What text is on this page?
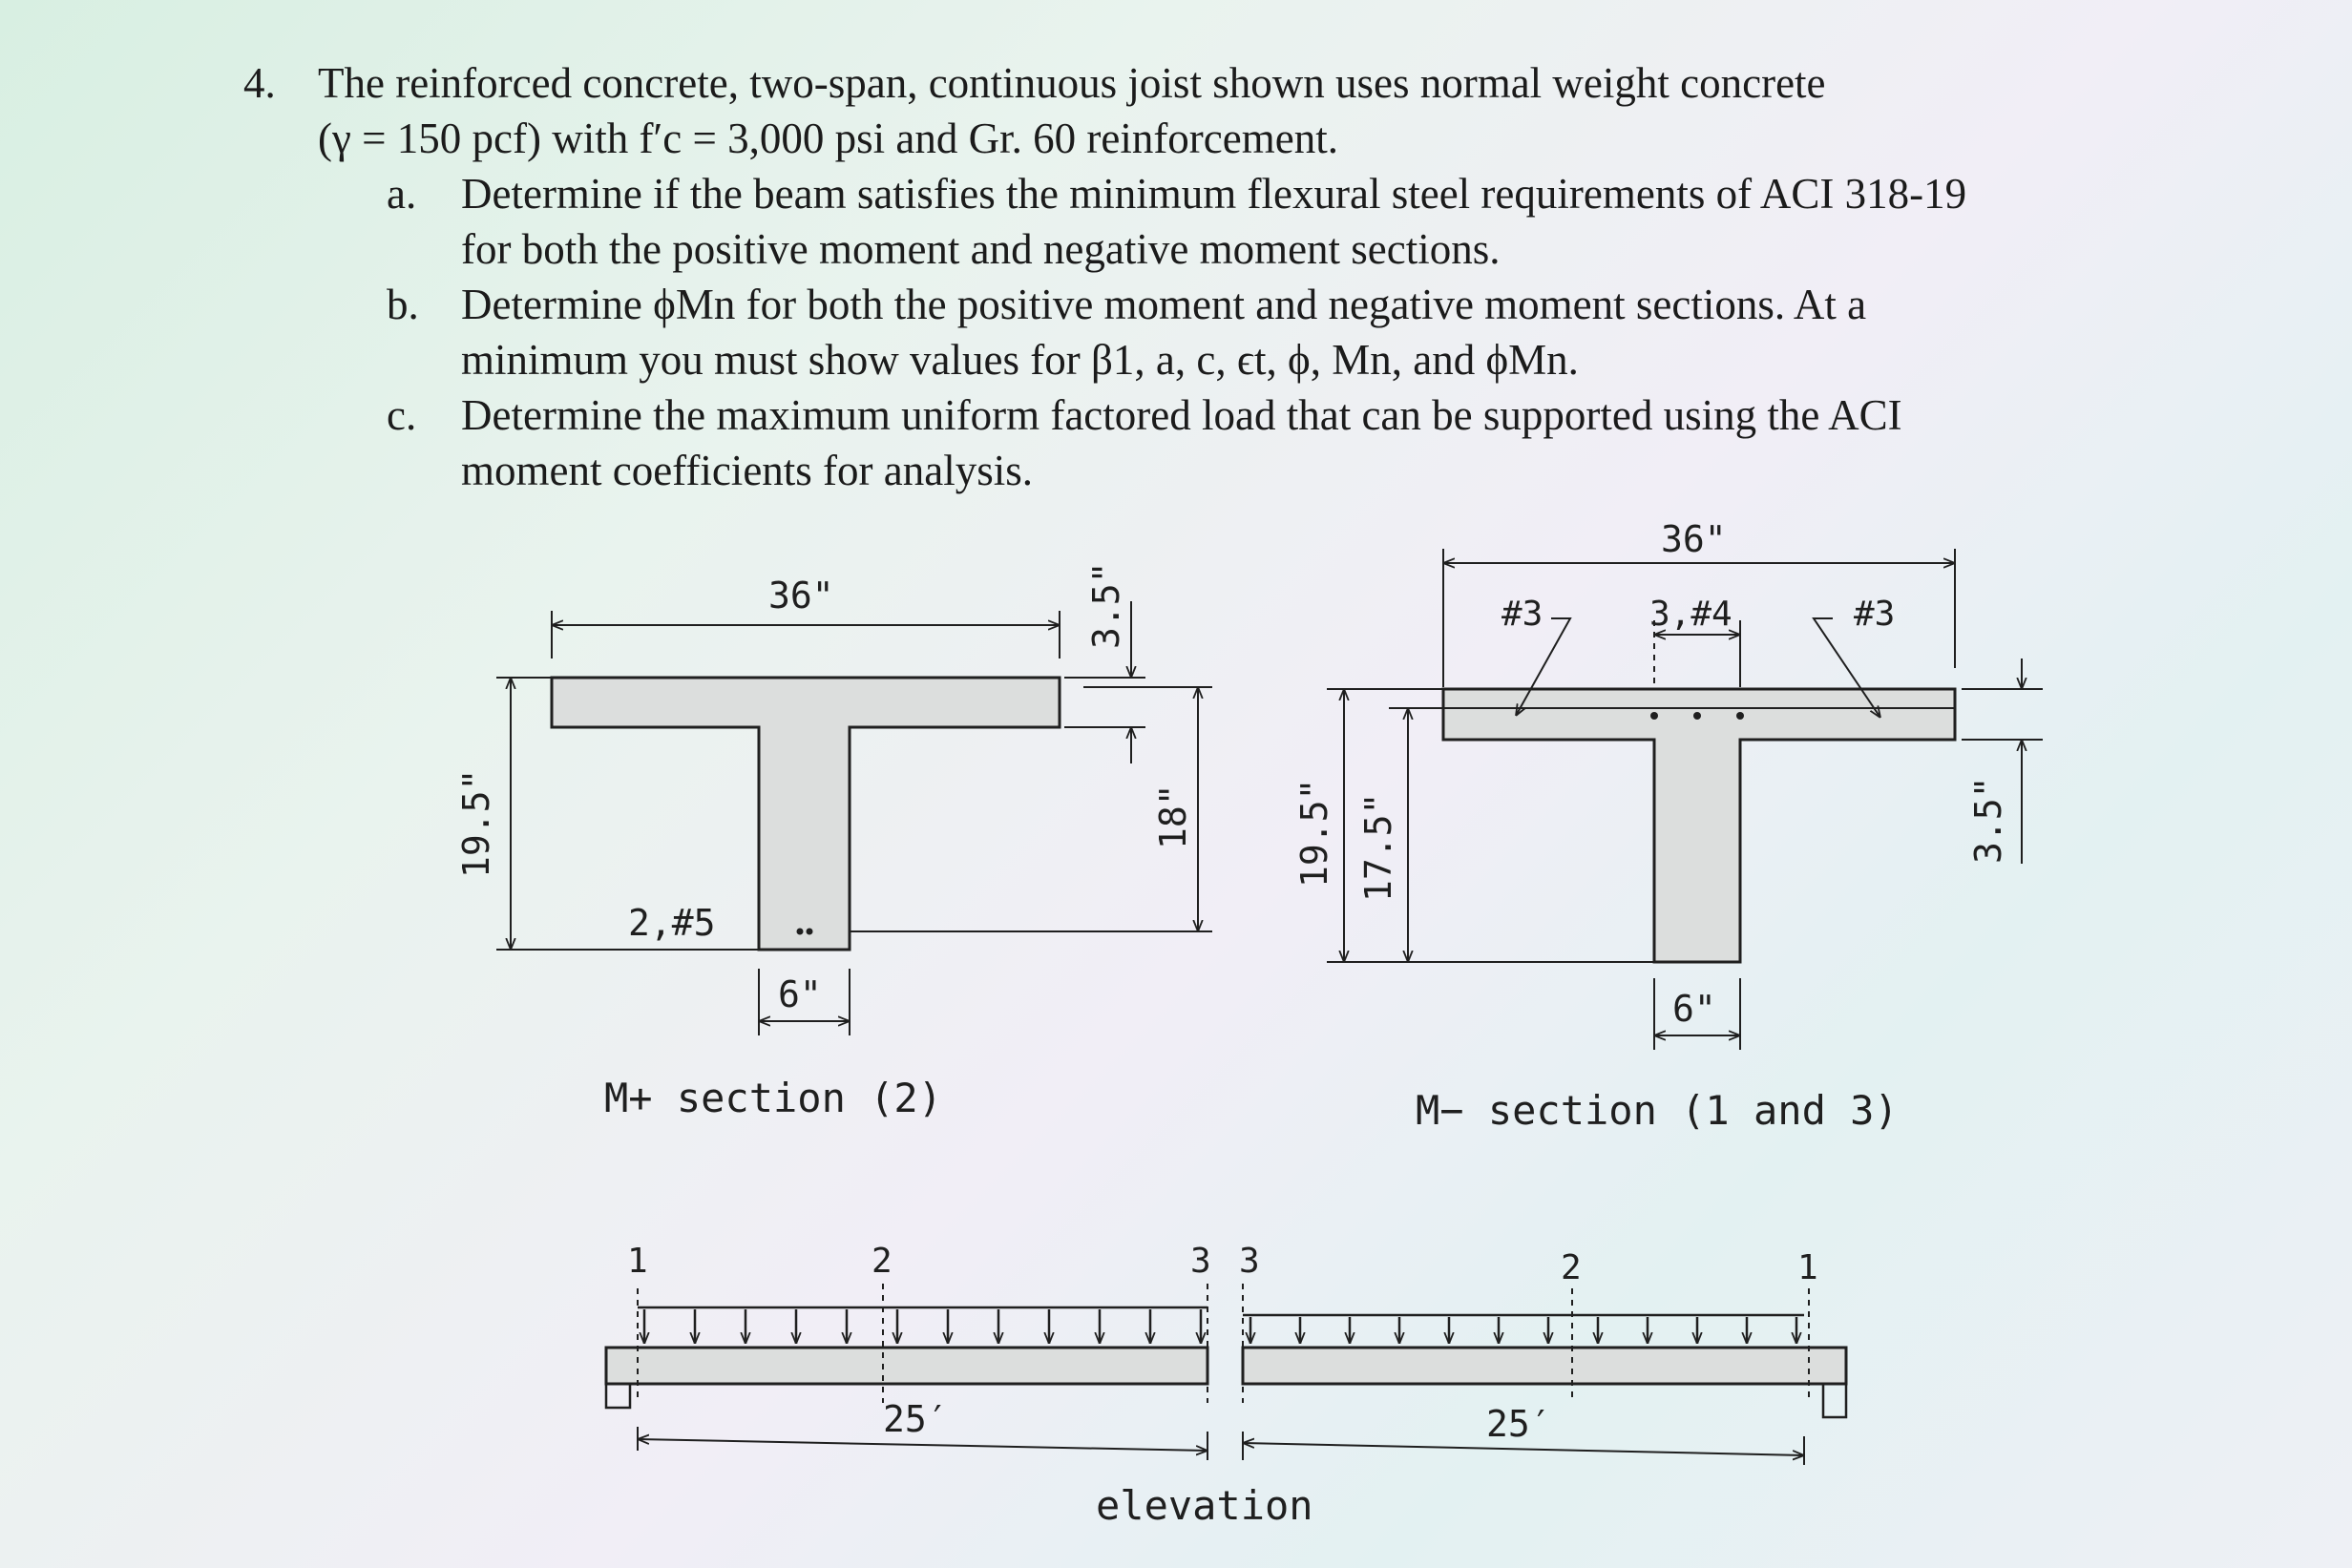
4. The reinforced concrete, two-span, continuous joist shown uses normal weight concrete
(γ = 150 pcf) with f′c = 3,000 psi and Gr. 60 reinforcement.
a.	Determine if the beam satisfies the minimum flexural steel requirements of ACI 318-19
for both the positive moment and negative moment sections.
b. Determine ϕMn for both the positive moment and negative moment sections. At a
minimum you must show values for β1, a, c, ϵt, ϕ, Mn, and ϕMn.
c.	Determine the maximum uniform factored load that can be supported using the ACI
moment coefficients for analysis.
36"
19.5"
3.5"
18"
2,#5
6"
M+ section (2)
36"
#3	3,#4	#3
19.5" 17.5"	3.5"
6"
M− section (1 and 3)
1	2	3 3	2	1
25′	25′
elevation
